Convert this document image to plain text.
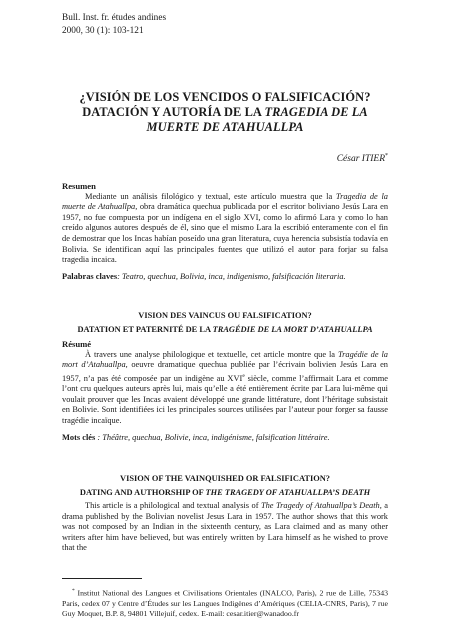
Bull. Inst. fr. études andines
2000, 30 (1): 103-121
¿VISIÓN DE LOS VENCIDOS O FALSIFICACIÓN?
DATACIÓN Y AUTORÍA DE LA TRAGEDIA DE LA
MUERTE DE ATAHUALLPA
César ITIER*
Resumen

Mediante un análisis filológico y textual, este artículo muestra que la Tragedia de la muerte de Atahuallpa, obra dramática quechua publicada por el escritor boliviano Jesús Lara en 1957, no fue compuesta por un indígena en el siglo XVI, como lo afirmó Lara y como lo han creído algunos autores después de él, sino que el mismo Lara la escribió enteramente con el fin de demostrar que los Incas habían poseído una gran literatura, cuya herencia subsistía todavía en Bolivia. Se identifican aquí las principales fuentes que utilizó el autor para forjar su falsa tragedia incaica.

Palabras claves: Teatro, quechua, Bolivia, inca, indigenismo, falsificación literaria.

VISION DES VAINCUS OU FALSIFICATION?
DATATION ET PATERNITÉ DE LA TRAGÉDIE DE LA MORT D’ATAHUALLPA
Résumé

À travers une analyse philologique et textuelle, cet article montre que la Tragédie de la mort d’Atahuallpa, oeuvre dramatique quechua publiée par l’écrivain bolivien Jesús Lara en 1957, n’a pas été composée par un indigène au XVIe siècle, comme l’affirmait Lara et comme l’ont cru quelques auteurs après lui, mais qu’elle a été entièrement écrite par Lara lui-même qui voulait prouver que les Incas avaient développé une grande littérature, dont l’héritage subsistait en Bolivie. Sont identifiées ici les principales sources utilisées par l’auteur pour forger sa fausse tragédie incaïque.

Mots clés : Théâtre, quechua, Bolivie, inca, indigénisme, falsification littéraire.

VISION OF THE VAINQUISHED OR FALSIFICATION?
DATING AND AUTHORSHIP OF THE TRAGEDY OF ATAHUALLPA’S DEATH

This article is a philological and textual analysis of The Tragedy of Atahuallpa’s Death, a drama published by the Bolivian novelist Jesus Lara in 1957. The author shows that this work was not composed by an Indian in the sixteenth century, as Lara claimed and as many other writers after him have believed, but was entirely written by Lara himself as he wished to prove that the

* Institut National des Langues et Civilisations Orientales (INALCO, Paris), 2 rue de Lille, 75343 Paris, cedex 07 y Centre d’Études sur les Langues Indigènes d’Amériques (CELIA-CNRS, Paris), 7 rue Guy Moquet, B.P. 8, 94801 Villejuif, cedex. E-mail: cesar.itier@wanadoo.fr
